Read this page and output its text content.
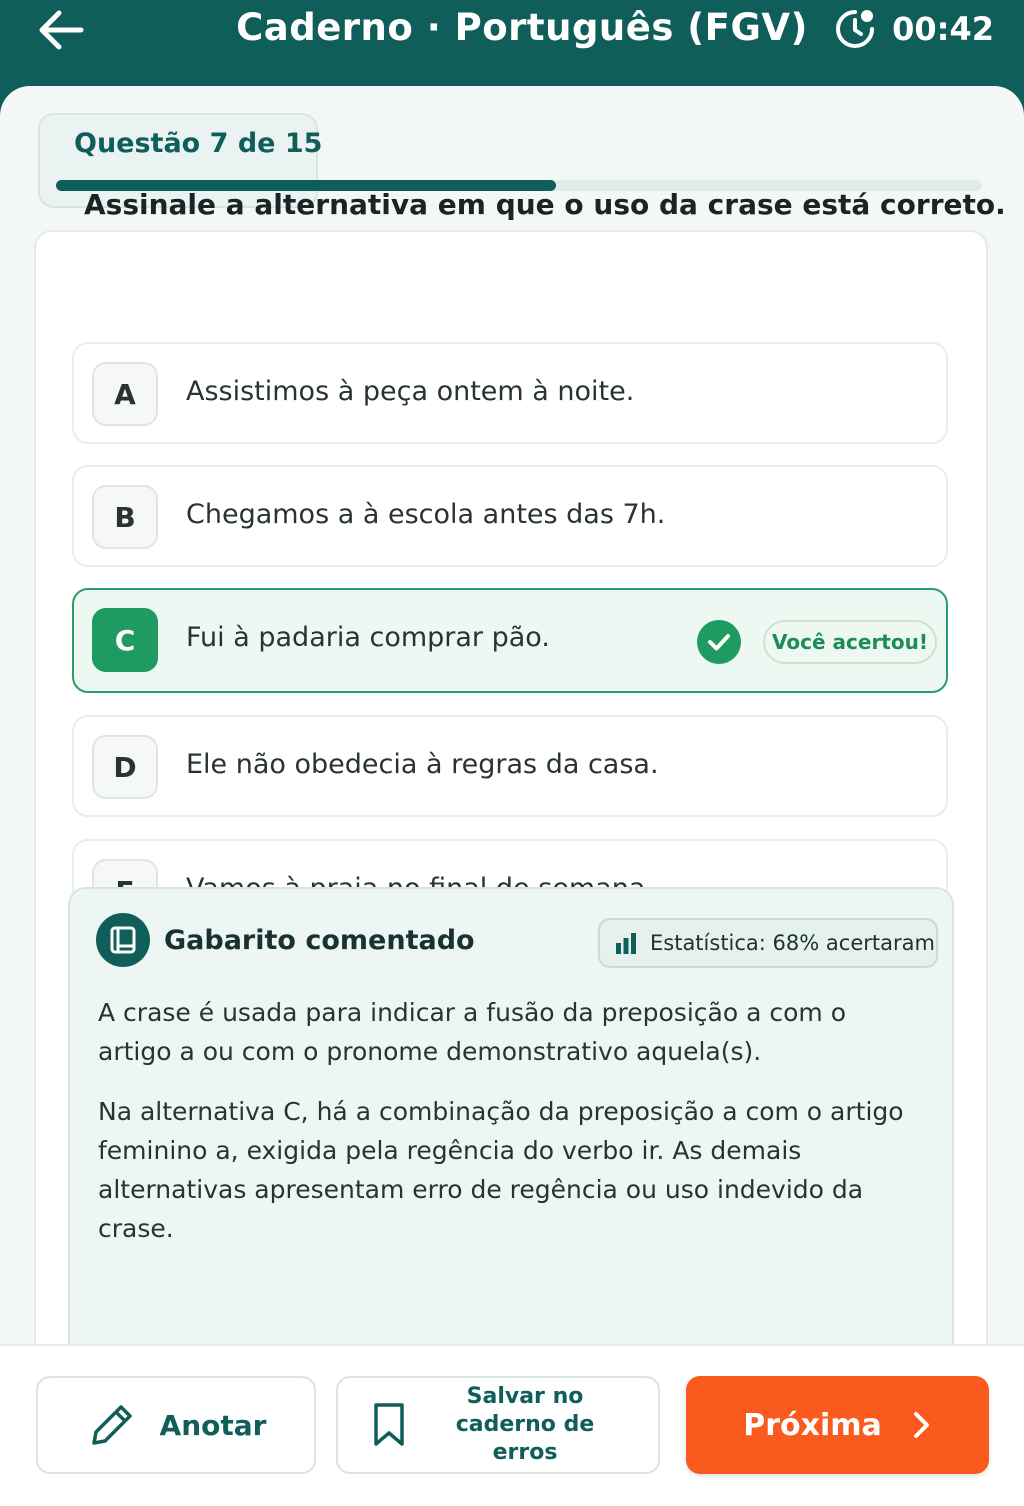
Caderno · Português (FGV)	00:42
Questão 7 de 15
Assinale a alternativa em que o uso da crase está correto.
A	Assistimos à peça ontem à noite.
B	Chegamos a à escola antes das 7h.
C	Fui à padaria comprar pão.	Você acertou!
D	Ele não obedecia à regras da casa.
Gabarito comentado	Estatística: 68% acertaram
A crase é usada para indicar a fusão da preposição a com o artigo a ou com o pronome demonstrativo aquela(s).
Na alternativa C, há a combinação da preposição a com o artigo feminino a, exigida pela regência do verbo ir. As demais alternativas apresentam erro de regência ou uso indevido da crase.
Anotar
Salvar no caderno de erros
Próxima
